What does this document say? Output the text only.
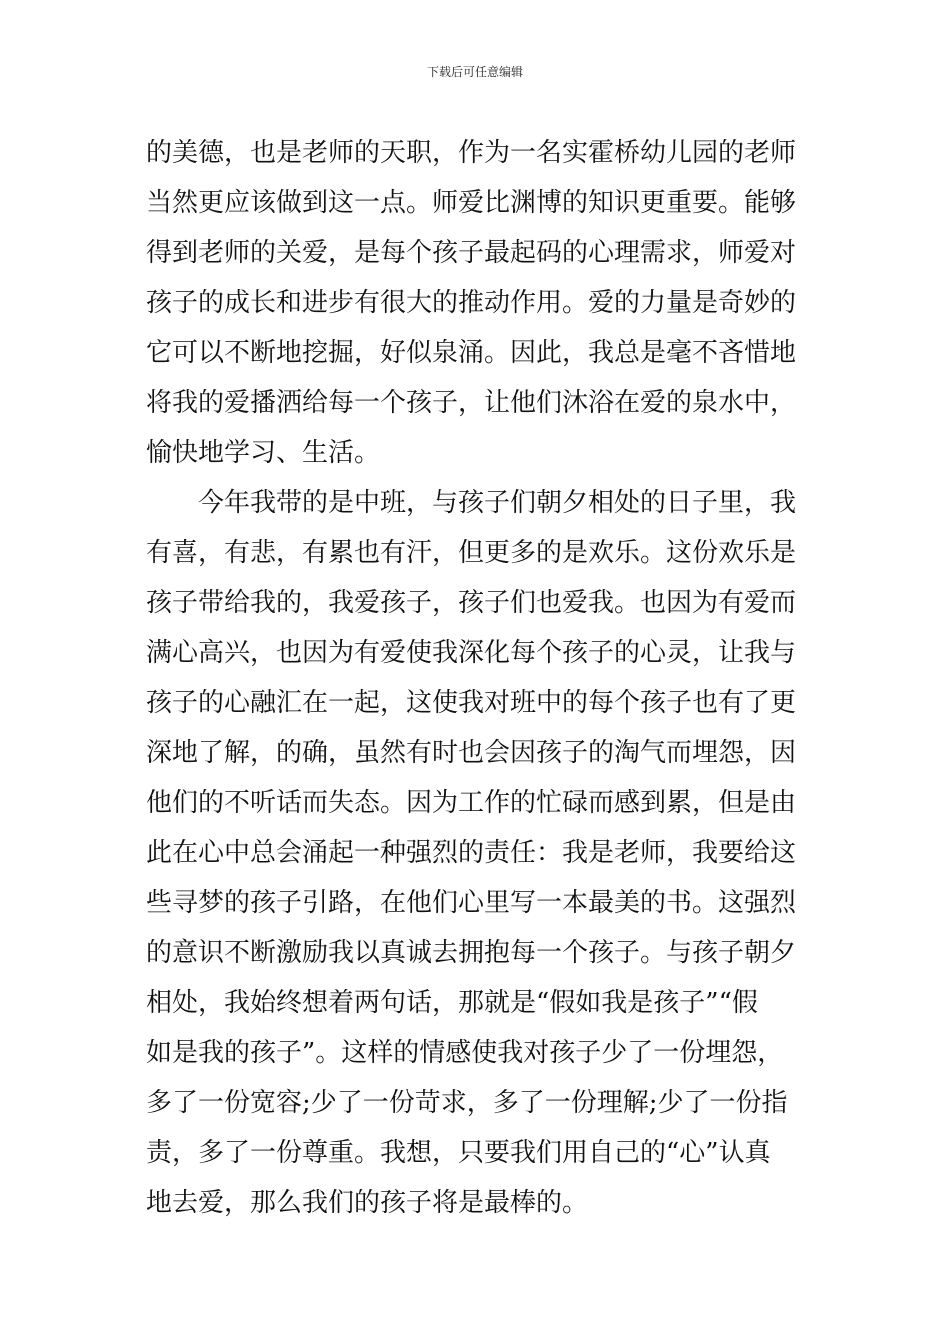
下载后可任意编辑
的美德，也是老师的天职，作为一名实霍桥幼儿园的老师
当然更应该做到这一点。师爱比渊博的知识更重要。能够
得到老师的关爱，是每个孩子最起码的心理需求，师爱对
孩子的成长和进步有很大的推动作用。爱的力量是奇妙的
它可以不断地挖掘，好似泉涌。因此，我总是毫不吝惜地
将我的爱播洒给每一个孩子，让他们沐浴在爱的泉水中，
愉快地学习、生活。
今年我带的是中班，与孩子们朝夕相处的日子里，我
有喜，有悲，有累也有汗，但更多的是欢乐。这份欢乐是
孩子带给我的，我爱孩子，孩子们也爱我。也因为有爱而
满心高兴，也因为有爱使我深化每个孩子的心灵，让我与
孩子的心融汇在一起，这使我对班中的每个孩子也有了更
深地了解，的确，虽然有时也会因孩子的淘气而埋怨，因
他们的不听话而失态。因为工作的忙碌而感到累，但是由
此在心中总会涌起一种强烈的责任：我是老师，我要给这
些寻梦的孩子引路，在他们心里写一本最美的书。这强烈
的意识不断激励我以真诚去拥抱每一个孩子。与孩子朝夕
相处，我始终想着两句话，那就是“假如我是孩子”“假
如是我的孩子”。这样的情感使我对孩子少了一份埋怨，
多了一份宽容;少了一份苛求，多了一份理解;少了一份指
责，多了一份尊重。我想，只要我们用自己的“心”认真
地去爱，那么我们的孩子将是最棒的。
